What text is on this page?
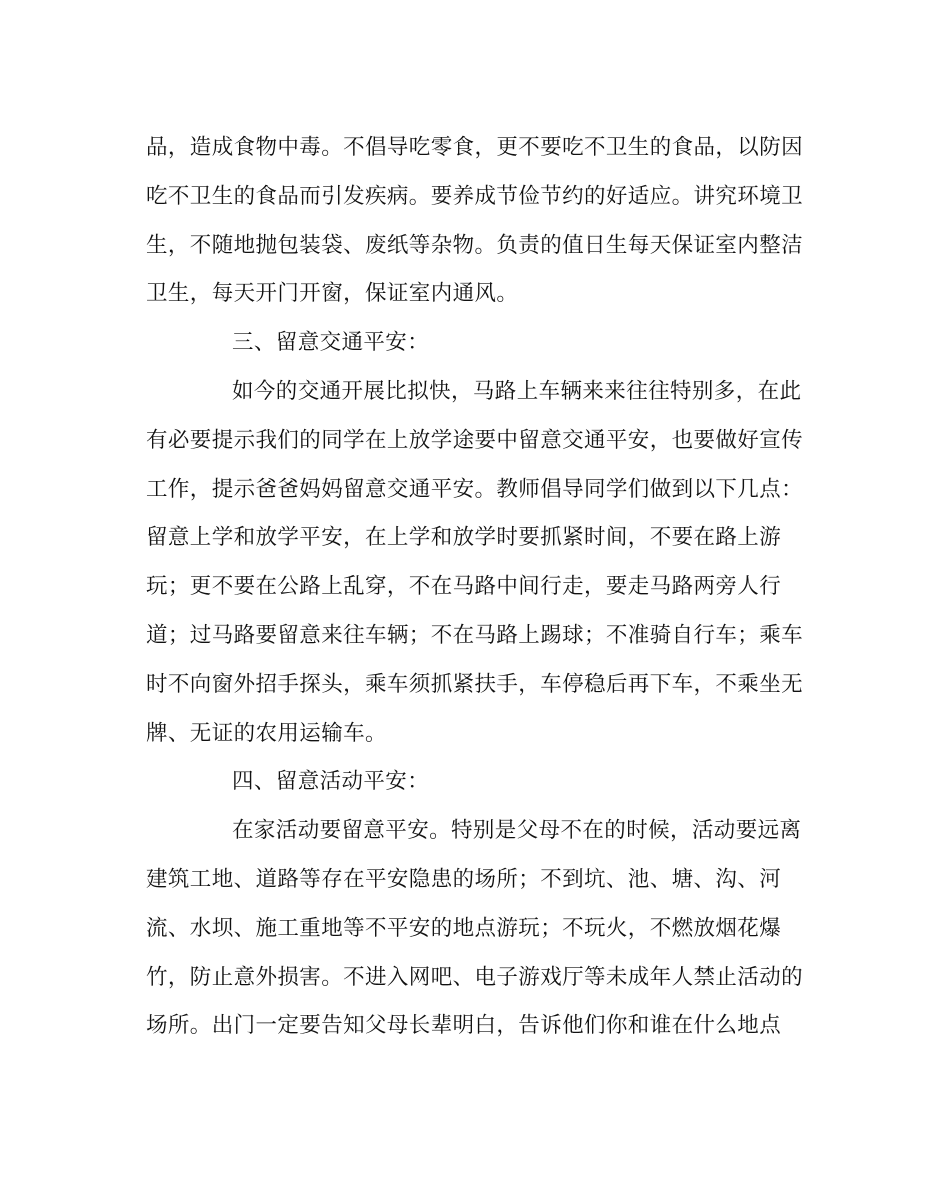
品，造成食物中毒。不倡导吃零食，更不要吃不卫生的食品，以防因
吃不卫生的食品而引发疾病。要养成节俭节约的好适应。讲究环境卫
生，不随地抛包装袋、废纸等杂物。负责的值日生每天保证室内整洁
卫生，每天开门开窗，保证室内通风。
三、留意交通平安：
如今的交通开展比拟快，马路上车辆来来往往特别多，在此
有必要提示我们的同学在上放学途要中留意交通平安，也要做好宣传
工作，提示爸爸妈妈留意交通平安。教师倡导同学们做到以下几点：
留意上学和放学平安，在上学和放学时要抓紧时间，不要在路上游
玩；更不要在公路上乱穿，不在马路中间行走，要走马路两旁人行
道；过马路要留意来往车辆；不在马路上踢球；不准骑自行车；乘车
时不向窗外招手探头，乘车须抓紧扶手，车停稳后再下车，不乘坐无
牌、无证的农用运输车。
四、留意活动平安：
在家活动要留意平安。特别是父母不在的时候，活动要远离
建筑工地、道路等存在平安隐患的场所；不到坑、池、塘、沟、河
流、水坝、施工重地等不平安的地点游玩；不玩火，不燃放烟花爆
竹，防止意外损害。不进入网吧、电子游戏厅等未成年人禁止活动的
场所。出门一定要告知父母长辈明白，告诉他们你和谁在什么地点
